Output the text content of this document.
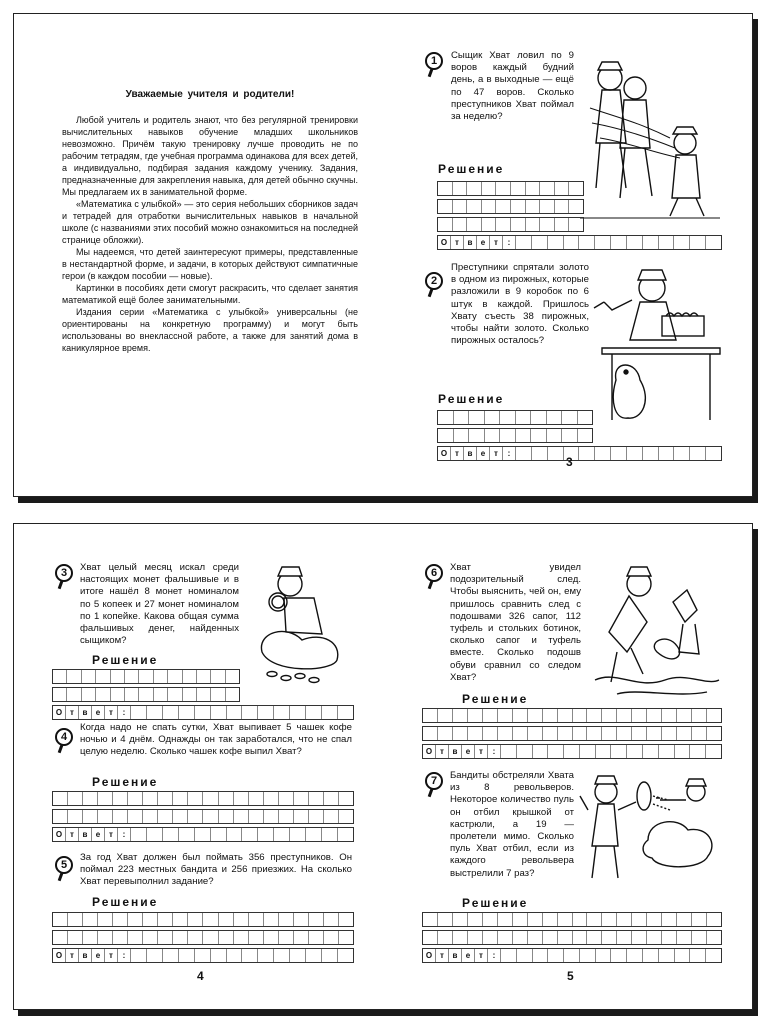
Уважаемые учителя и родители!

Любой учитель и родитель знают, что без регулярной тренировки вычислительных навыков обучение младших школьников невозможно. Причём такую тренировку лучше проводить не по рабочим тетрадям, где учебная программа одинакова для всех детей, а индивидуально, подбирая задания каждому ученику. Задания, предназначенные для закрепления навыка, для детей обычно скучны. Мы предлагаем их в занимательной форме.

«Математика с улыбкой» — это серия небольших сборников задач и тетрадей для отработки вычислительных навыков в начальной школе (с названиями этих пособий можно ознакомиться на последней странице обложки).

Мы надеемся, что детей заинтересуют примеры, представленные в нестандартной форме, и задачи, в которых действуют симпатичные герои (в каждом пособии — новые).

Картинки в пособиях дети смогут раскрасить, что сделает занятия математикой ещё более занимательными.

Издания серии «Математика с улыбкой» универсальны (не ориентированы на конкретную программу) и могут быть использованы во внеклассной работе, а также для занятий дома в каникулярное время.

1	Сыщик Хват ловил по 9 воров каждый будний день, а в выходные — ещё по 47 воров. Сколько преступников Хват поймал за неделю?
Решение
О т	в	е	т	:
2
Преступники спрятали золото в одном из пирожных, которые разложили в 9 коробок по 6 штук в каждой. Пришлось Хвату съесть 38 пирожных, чтобы найти золото. Сколько пирожных осталось?
Решение
О т	в	е	т	:
3
3	Хват целый месяц искал среди настоящих монет фальшивые и в итоге нашёл 8 монет номиналом по 5 копеек и 27 монет номиналом по 1 копейке. Какова общая сумма фальшивых денег, найденных сыщиком?
Решение
О т	в	е	т	:
4
Когда надо не спать сутки, Хват выпивает 5 чашек кофе ночью и 4 днём. Однажды он так заработался, что не спал целую неделю. Сколько чашек кофе выпил Хват?
Решение
О т	в	е	т	:
5
За год Хват должен был поймать 356 преступников. Он поймал 223 местных бандита и 256 приезжих. На сколько Хват перевыполнил задание?
Решение
О т	в	е	т	:
4
6	Хват увидел подозрительный след. Чтобы выяснить, чей он, ему пришлось сравнить след с подошвами 326 сапог, 112 туфель и стольких ботинок, сколько сапог и туфель вместе. Сколько подошв обуви сравнил со следом Хват?
Решение
О т	в	е	т	:
7	Бандиты обстреляли Хвата из 8 револьверов. Некоторое количество пуль он отбил крышкой от кастрюли, а 19 — пролетели мимо. Сколько пуль Хват отбил, если из каждого револьвера выстрелили 7 раз?
Решение
О т	в	е	т	:
5
